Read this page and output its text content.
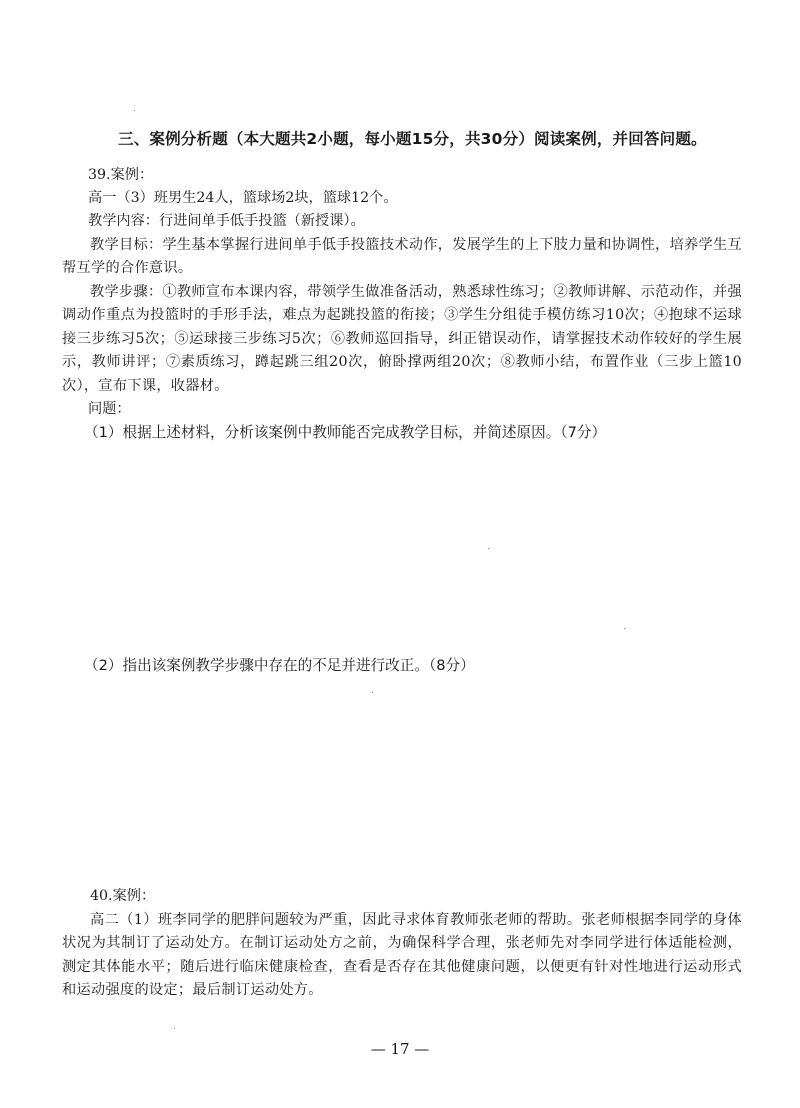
三、案例分析题（本大题共2小题，每小题15分，共30分）阅读案例，并回答问题。
39.案例：
高一（3）班男生24人，篮球场2块，篮球12个。
教学内容：行进间单手低手投篮（新授课）。
教学目标：学生基本掌握行进间单手低手投篮技术动作，发展学生的上下肢力量和协调性，培养学生互帮互学的合作意识。
教学步骤：①教师宣布本课内容，带领学生做准备活动，熟悉球性练习；②教师讲解、示范动作，并强调动作重点为投篮时的手形手法，难点为起跳投篮的衔接；③学生分组徒手模仿练习10次；④抱球不运球接三步练习5次；⑤运球接三步练习5次；⑥教师巡回指导，纠正错误动作，请掌握技术动作较好的学生展示，教师讲评；⑦素质练习，蹲起跳三组20次，俯卧撑两组20次；⑧教师小结，布置作业（三步上篮10次），宣布下课，收器材。
问题：
（1）根据上述材料，分析该案例中教师能否完成教学目标，并简述原因。（7分）
（2）指出该案例教学步骤中存在的不足并进行改正。（8分）
40.案例：
高二（1）班李同学的肥胖问题较为严重，因此寻求体育教师张老师的帮助。张老师根据李同学的身体状况为其制订了运动处方。在制订运动处方之前，为确保科学合理，张老师先对李同学进行体适能检测，测定其体能水平；随后进行临床健康检查，查看是否存在其他健康问题，以便更有针对性地进行运动形式和运动强度的设定；最后制订运动处方。
— 17 —
